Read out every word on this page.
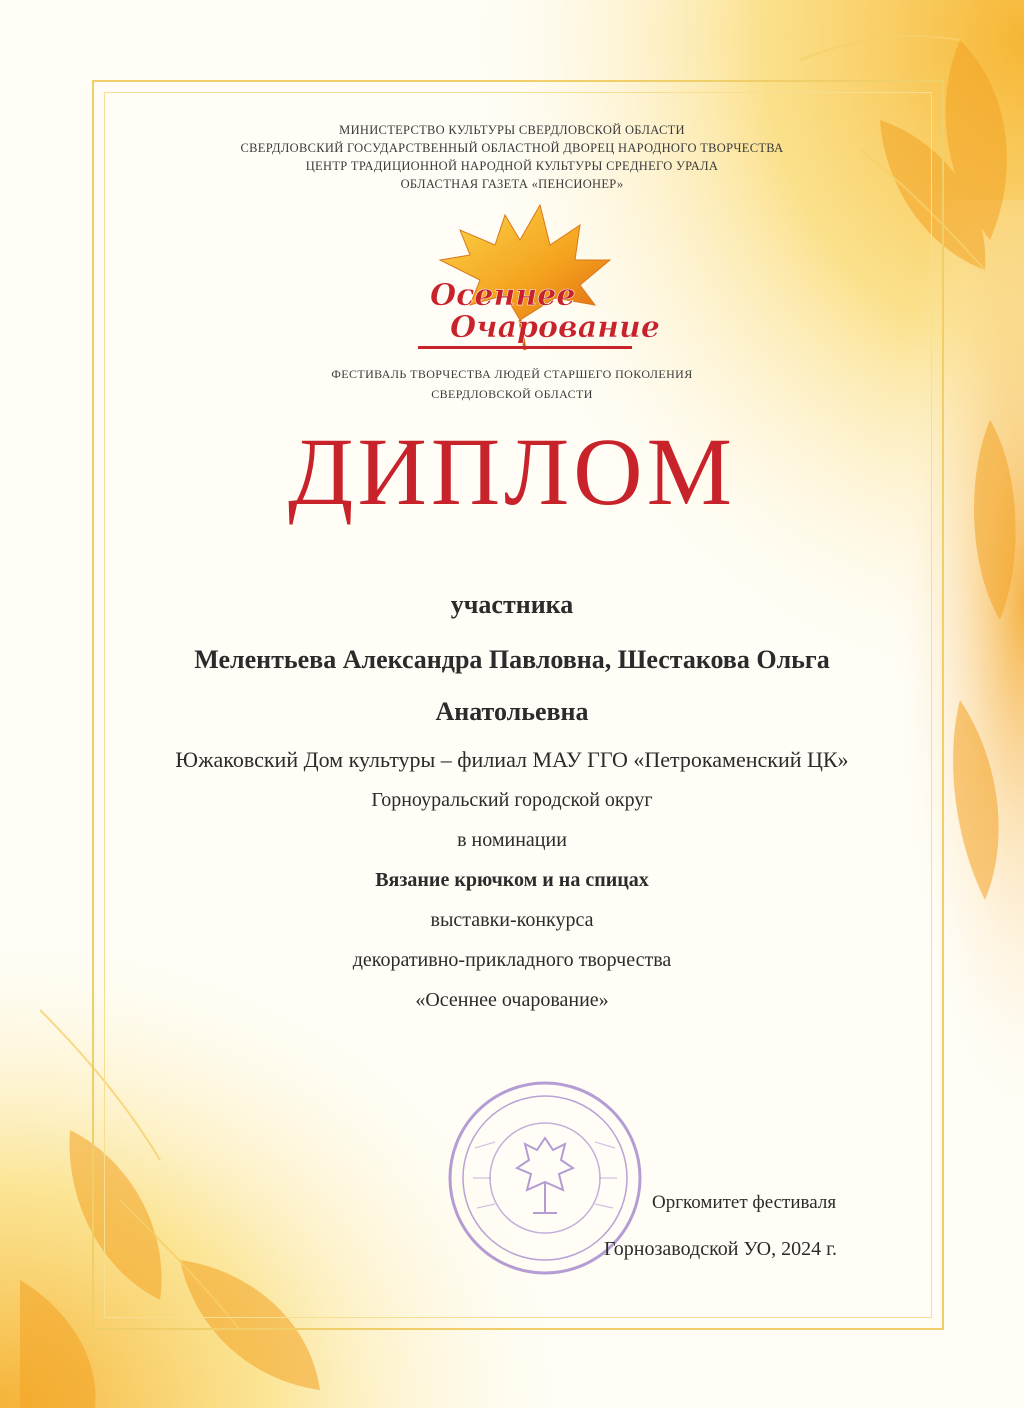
МИНИСТЕРСТВО КУЛЬТУРЫ СВЕРДЛОВСКОЙ ОБЛАСТИ
СВЕРДЛОВСКИЙ ГОСУДАРСТВЕННЫЙ ОБЛАСТНОЙ ДВОРЕЦ НАРОДНОГО ТВОРЧЕСТВА
ЦЕНТР ТРАДИЦИОННОЙ НАРОДНОЙ КУЛЬТУРЫ СРЕДНЕГО УРАЛА
ОБЛАСТНАЯ ГАЗЕТА «ПЕНСИОНЕР»
Осеннее
Очарование
ФЕСТИВАЛЬ ТВОРЧЕСТВА ЛЮДЕЙ СТАРШЕГО ПОКОЛЕНИЯ
СВЕРДЛОВСКОЙ ОБЛАСТИ
ДИПЛОМ
участника
Мелентьева Александра Павловна, Шестакова Ольга
Анатольевна
Южаковский Дом культуры – филиал МАУ ГГО «Петрокаменский ЦК»
Горноуральский городской округ
в номинации
Вязание крючком и на спицах
выставки-конкурса
декоративно-прикладного творчества
«Осеннее очарование»
Оргкомитет фестиваля
Горнозаводской УО, 2024 г.
